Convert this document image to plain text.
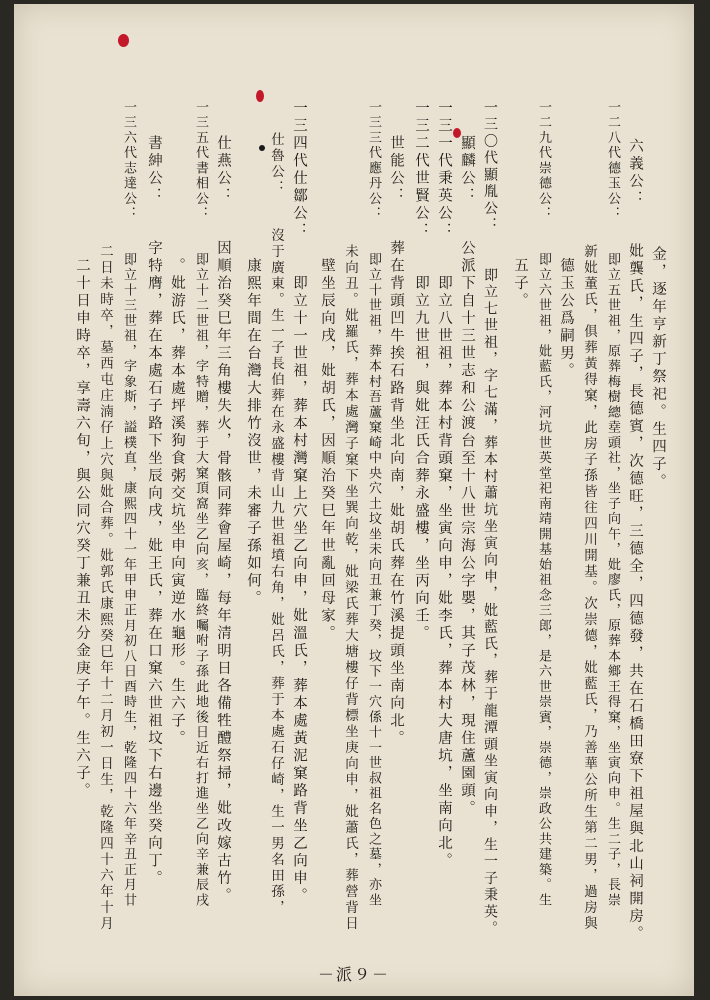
金，逐年亨新丁祭祀。生四子。
六義公：　　妣龔氏，生四子，長德賓，次德旺，三德全，四德發，共在石橋田寮下祖屋與北山祠開房。
一二八代德玉公：　　即立五世祖，原葬梅樹總㙓頭社，坐子向午，妣廖氏，原葬本鄉王得窠，坐寅向申。生二子，長崇
　　　　　　　　　新妣董氏，俱葬黃得窠，此房子孫皆往四川開基。次崇德，妣藍氏，乃善華公所生第二男，過房與
　　　　　　　　　德玉公爲嗣男。
一二九代崇德公：　　即立六世祖，妣藍氏，河坑世英堂祀南靖開基始祖念三郎，是六世崇賓，崇德，崇政公共建築。生
　　　　　　　　　五子。
一三〇代顯胤公：　　即立七世祖，字七滿，葬本村蕭坑坐寅向申，妣藍氏，葬于龍潭頭坐寅向申，生一子秉英。
　　顯麟公：　　公派下自十三世志和公渡台至十八世宗海公字嬰，其子茂林，現住蘆園頭。
一三一代秉英公：　　即立八世祖，葬本村背頭窠，坐寅向申，妣李氏，葬本村大唐坑，坐南向北。
一三二代世賢公：　　即立九世祖，與妣汪氏合葬永盛樓，坐丙向壬。
　　世能公：　　葬在背頭凹牛挨石路背坐北向南，妣胡氏葬在竹溪提頭坐南向北。
一三三代應丹公：　　即立十世祖，葬本村吾蘆窠崎中央穴土坟坐未向丑兼丁癸，坟下一穴係十一世叔祖名色之墓，亦坐
　　　　　　　　　未向丑。妣羅氏，葬本處灣子窠下坐巽向乾，妣梁氏葬大塘樓仔背標坐庚向申，妣蕭氏，葬營背日
　　　　　　　　　壁坐辰向戌，妣胡氏，因順治癸巳年世亂回母家。
一三四代仕鄒公：　　即立十一世祖，葬本村灣窠上穴坐乙向申，妣溫氏，葬本處黃泥窠路背坐乙向申。
　　仕魯公：　　沒于廣東。生一子長伯葬在永盛樓背山九世祖墳右角，妣呂氏，葬于本處石仔崎，生一男名田孫，
　　　　　　　　　康熙年間在台灣大排竹沒世，未審子孫如何。
　　仕燕公：　　因順治癸巳年三角樓失火，骨骸同葬會屋崎，每年清明日各備牲醴祭掃，妣改嫁古竹。
一三五代書相公：　　即立十二世祖，字特贈，葬于大窠頂窩坐乙向亥，臨終囑咐子孫此地後日近右打進坐乙向辛兼辰戌
　　　　　　　　　。妣游氏，葬本處坪溪狗食粥交坑坐申向寅逆水龜形。生六子。
　　書紳公：　　字特膺，葬在本處石子路下坐辰向戌，妣王氏，葬在口窠六世祖坟下右邊坐癸向丁。
一三六代志達公：　　即立十三世祖，字象斯，謚樸直，康熙四十一年甲申正月初八日酉時生，乾隆四十六年辛丑正月廿
　　　　　　　　　二日未時卒，墓西屯庄湳仔上穴與妣合葬。妣郭氏康熙癸巳年十二月初一日生，乾隆四十六年十月
　　　　　　　　　二十日申時卒，享壽六旬，與公同穴癸丁兼丑未分金庚子午。生六子。
－派９－
